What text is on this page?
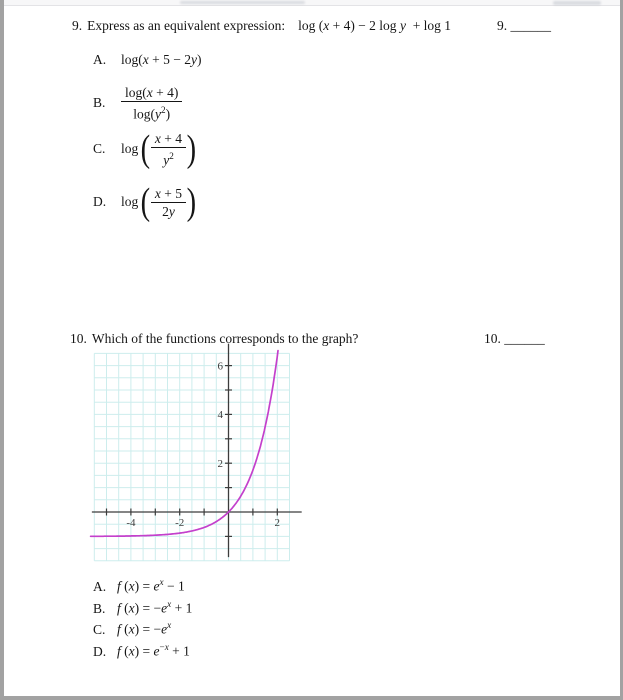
9. Express as an equivalent expression: log (x + 4) − 2 log y  + log 1	9. ______
A.	log(x + 5 − 2y)
B.	$\frac{\log(x + 4)}{\log(y^2)}$
C.	log ( $\frac{x + 4}{y^2}$ )
D.	log ( $\frac{x + 5}{2y}$ )
10. Which of the functions corresponds to the graph?	10. ______
-4	-2	2
2
4
6
A. f $(x) = e^x - 1$
B. f $(x) = -e^x + 1$
C. f $(x) = -e^x$
D. f $(x) = e^{-x} + 1$
